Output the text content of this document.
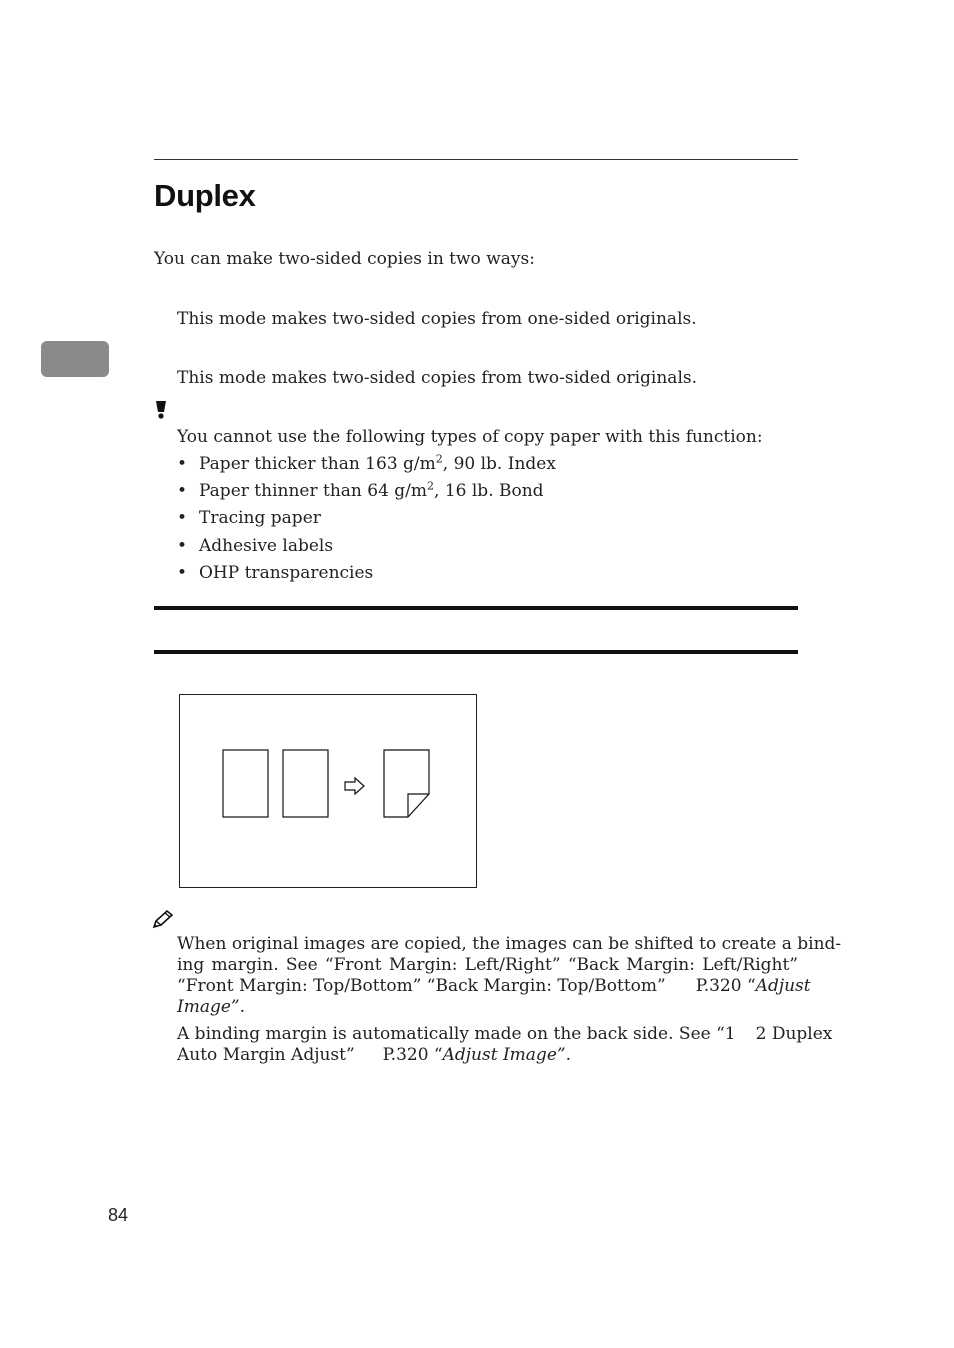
Duplex
You can make two-sided copies in two ways:
This mode makes two-sided copies from one-sided originals.
This mode makes two-sided copies from two-sided originals.
You cannot use the following types of copy paper with this function:
• Paper thicker than 163 $g/m^2$, 90 lb. Index
• Paper thinner than 64 $g/m^2$, 16 lb. Bond
• Tracing paper
• Adhesive labels
• OHP transparencies
When original images are copied, the images can be shifted to create a bind-
ing margin. See “Front Margin: Left/Right” “Back Margin: Left/Right”
“Front Margin: Top/Bottom” “Back Margin: Top/Bottom” P.320 “Adjust
Image”.
A binding margin is automatically made on the back side. See “1 2 Duplex
Auto Margin Adjust” P.320 “Adjust Image”.
84
